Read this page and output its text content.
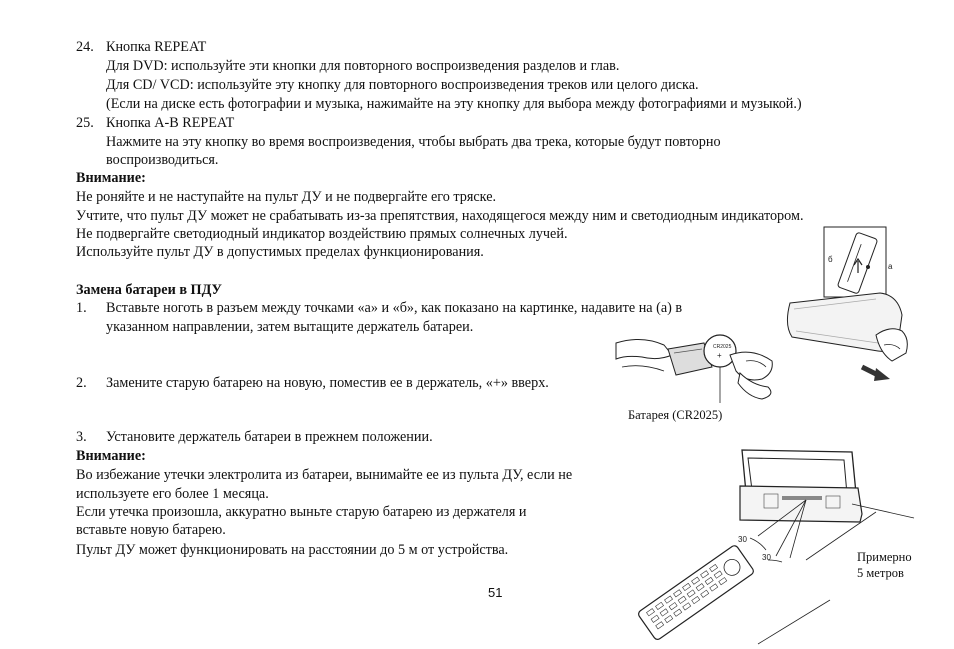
24. Кнопка REPEAT
Для DVD: используйте эти кнопки для повторного воспроизведения разделов и глав.
Для CD/ VCD: используйте эту кнопку для повторного воспроизведения треков или целого диска.
(Если на диске есть фотографии и музыка, нажимайте на эту кнопку для выбора между фотографиями и музыкой.)
25. Кнопка A-B REPEAT
Нажмите на эту кнопку во время воспроизведения, чтобы выбрать два трека, которые будут повторно
воспроизводиться.
Внимание:
Не роняйте и не наступайте на пульт ДУ и не подвергайте его тряске.
Учтите, что пульт ДУ может не срабатывать из-за препятствия, находящегося между ним и светодиодным индикатором.
Не подвергайте светодиодный индикатор воздействию прямых солнечных лучей.
Используйте пульт ДУ в допустимых пределах функционирования.
Замена батареи в ПДУ
1. Вставьте ноготь в разъем между точками «а» и «б», как показано на картинке, надавите на (а) в
указанном направлении, затем вытащите держатель батареи.
2. Замените старую батарею на новую, поместив ее в держатель, «+» вверх.
3. Установите держатель батареи в прежнем положении.
Внимание:
Во избежание утечки электролита из батареи, вынимайте ее из пульта ДУ, если не
используете его более 1 месяца.
Если утечка произошла, аккуратно выньте старую батарею из держателя и
вставьте новую батарею.
Пульт ДУ может функционировать на расстоянии до 5 м от устройства.
51
б
а
CR2025
+
Батарея (CR2025)
30
30	Примерно
5 метров
